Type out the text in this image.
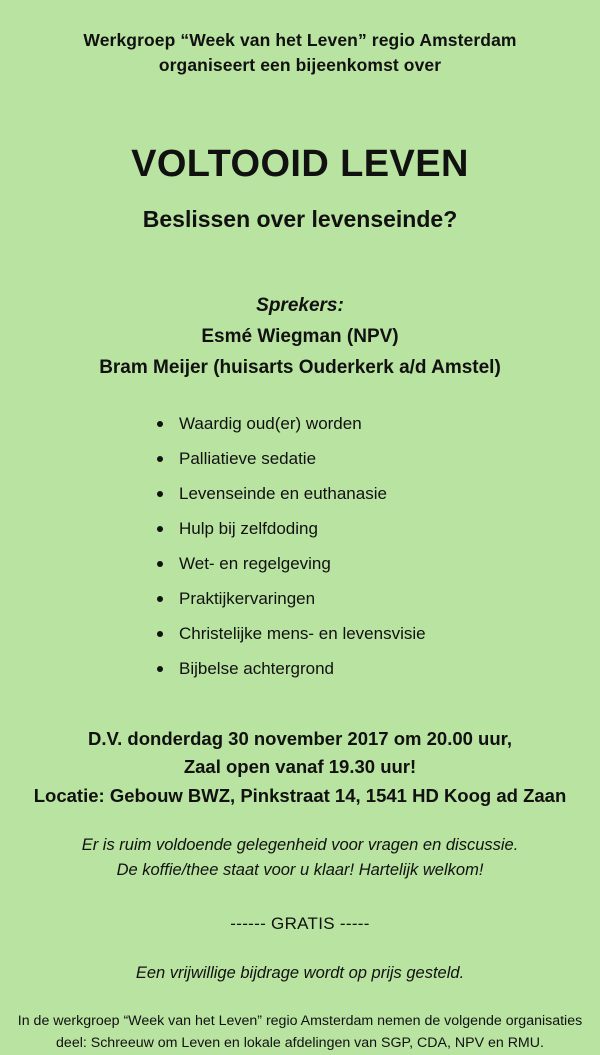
Werkgroep “Week van het Leven” regio Amsterdam
organiseert een bijeenkomst over
VOLTOOID LEVEN
Beslissen over levenseinde?
Sprekers:
Esmé Wiegman (NPV)
Bram Meijer (huisarts Ouderkerk a/d Amstel)
Waardig oud(er) worden
Palliatieve sedatie
Levenseinde en euthanasie
Hulp bij zelfdoding
Wet- en regelgeving
Praktijkervaringen
Christelijke mens- en levensvisie
Bijbelse achtergrond
D.V. donderdag 30 november 2017 om 20.00 uur,
Zaal open vanaf 19.30 uur!
Locatie: Gebouw BWZ, Pinkstraat 14, 1541 HD Koog ad Zaan
Er is ruim voldoende gelegenheid voor vragen en discussie.
De koffie/thee staat voor u klaar! Hartelijk welkom!
------ GRATIS -----
Een vrijwillige bijdrage wordt op prijs gesteld.
In de werkgroep “Week van het Leven” regio Amsterdam nemen de volgende organisaties
deel: Schreeuw om Leven en lokale afdelingen van SGP, CDA, NPV en RMU.
